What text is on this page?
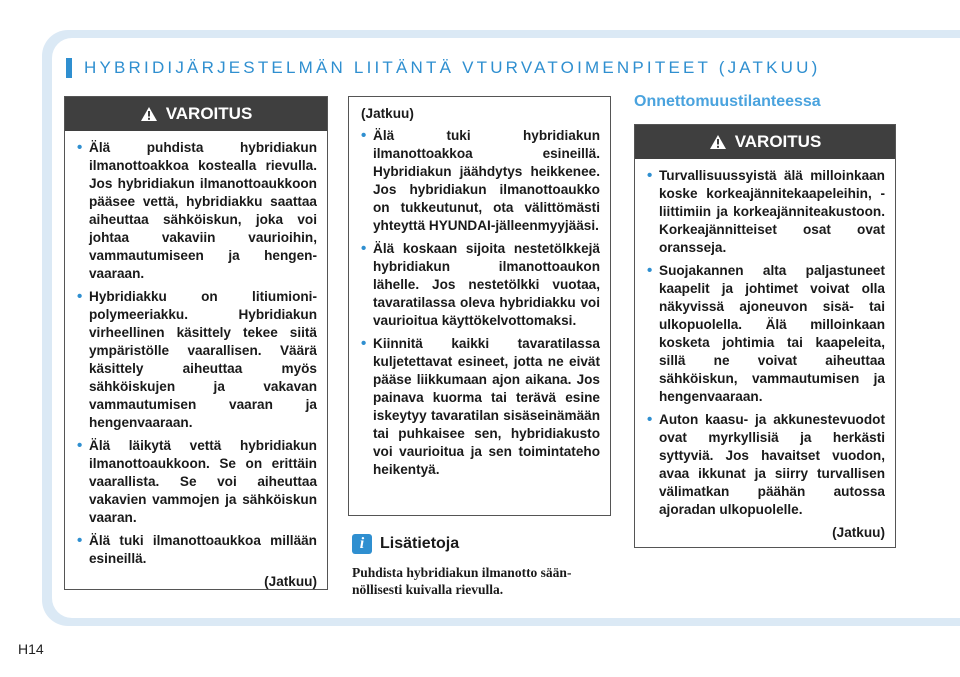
HYBRIDIJÄRJESTELMÄN LIITÄNTÄ VTURVATOIMENPITEET (JATKUU)
VAROITUS
• Älä puhdista hybridiakun ilmanottoakkoa kostealla rievulla. Jos hybridiakun ilmanottoaukkoon pääsee vettä, hybridiakku saattaa aiheuttaa sähköiskun, joka voi johtaa vakaviin vaurioihin, vammautumiseen ja hengenvaaraan.
• Hybridiakku on litiumionipolymeeriakku. Hybridiakun virheellinen käsittely tekee siitä ympäristölle vaarallisen. Väärä käsittely aiheuttaa myös sähköiskujen ja vakavan vammautumisen vaaran ja hengenvaaraan.
• Älä läikytä vettä hybridiakun ilmanottoaukkoon. Se on erittäin vaarallista. Se voi aiheuttaa vakavien vammojen ja sähköiskun vaaran.
• Älä tuki ilmanottoaukkoa millään esineillä.
(Jatkuu)
(Jatkuu)
• Älä tuki hybridiakun ilmanottoakkoa esineillä. Hybridiakun jäähdytys heikkenee. Jos hybridiakun ilmanottoaukko on tukkeutunut, ota välittömästi yhteyttä HYUNDAI-jälleenmyyjääsi.
• Älä koskaan sijoita nestetölkkejä hybridiakun ilmanottoaukon lähelle. Jos nestetölkki vuotaa, tavaratilassa oleva hybridiakku voi vaurioitua käyttökelvottomaksi.
• Kiinnitä kaikki tavaratilassa kuljetettavat esineet, jotta ne eivät pääse liikkumaan ajon aikana. Jos painava kuorma tai terävä esine iskeytyy tavaratilan sisäseinämään tai puhkaisee sen, hybridiakusto voi vaurioitua ja sen toimintateho heikentyä.
i Lisätietoja
Puhdista hybridiakun ilmanotto säännöllisesti kuivalla rievulla.
Onnettomuustilanteessa
VAROITUS
• Turvallisuussyistä älä milloinkaan koske korkeajännitekaapeleihin, -liittimiin ja korkeajänniteakustoon. Korkeajännitteiset osat ovat oransseja.
• Suojakannen alta paljastuneet kaapelit ja johtimet voivat olla näkyvissä ajoneuvon sisä- tai ulkopuolella. Älä milloinkaan kosketa johtimia tai kaapeleita, sillä ne voivat aiheuttaa sähköiskun, vammautumisen ja hengenvaaraan.
• Auton kaasu- ja akkunestevuodot ovat myrkyllisiä ja herkästi syttyviä. Jos havaitset vuodon, avaa ikkunat ja siirry turvallisen välimatkan päähän autossa ajoradan ulkopuolelle.
(Jatkuu)
H14
